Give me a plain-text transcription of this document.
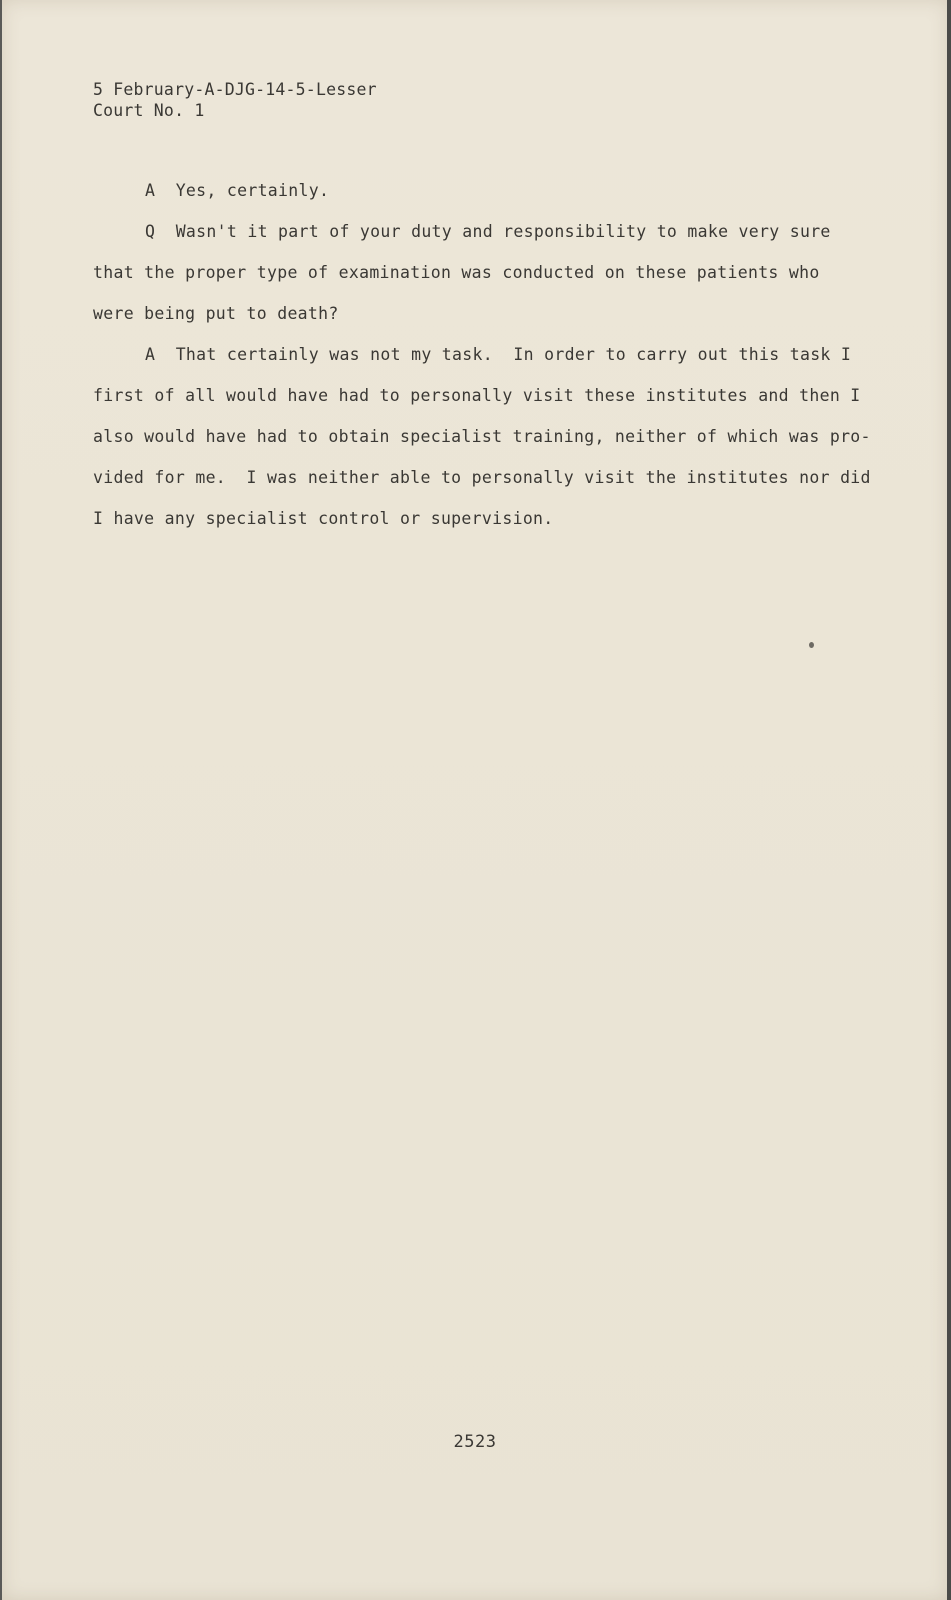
5 February-A-DJG-14-5-Lesser
Court No. 1
A  Yes, certainly.
Q  Wasn't it part of your duty and responsibility to make very sure
that the proper type of examination was conducted on these patients who
were being put to death?
A  That certainly was not my task.  In order to carry out this task I
first of all would have had to personally visit these institutes and then I
also would have had to obtain specialist training, neither of which was pro-
vided for me.  I was neither able to personally visit the institutes nor did
I have any specialist control or supervision.
2523
